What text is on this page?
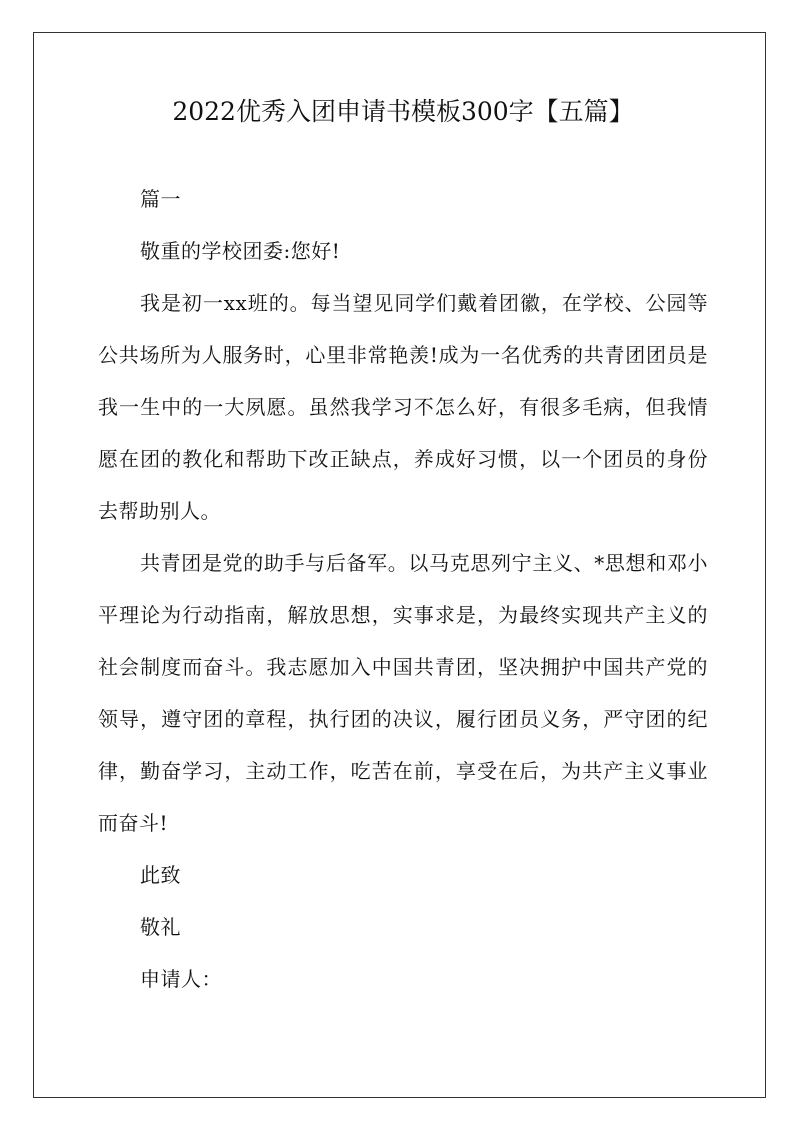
2022优秀入团申请书模板300字【五篇】

篇一

敬重的学校团委:您好!

我是初一xx班的。每当望见同学们戴着团徽，在学校、公园等公共场所为人服务时，心里非常艳羡!成为一名优秀的共青团团员是我一生中的一大夙愿。虽然我学习不怎么好，有很多毛病，但我情愿在团的教化和帮助下改正缺点，养成好习惯，以一个团员的身份去帮助别人。

共青团是党的助手与后备军。以马克思列宁主义、*思想和邓小平理论为行动指南，解放思想，实事求是，为最终实现共产主义的社会制度而奋斗。我志愿加入中国共青团，坚决拥护中国共产党的领导，遵守团的章程，执行团的决议，履行团员义务，严守团的纪律，勤奋学习，主动工作，吃苦在前，享受在后，为共产主义事业而奋斗!

此致

敬礼

申请人：
